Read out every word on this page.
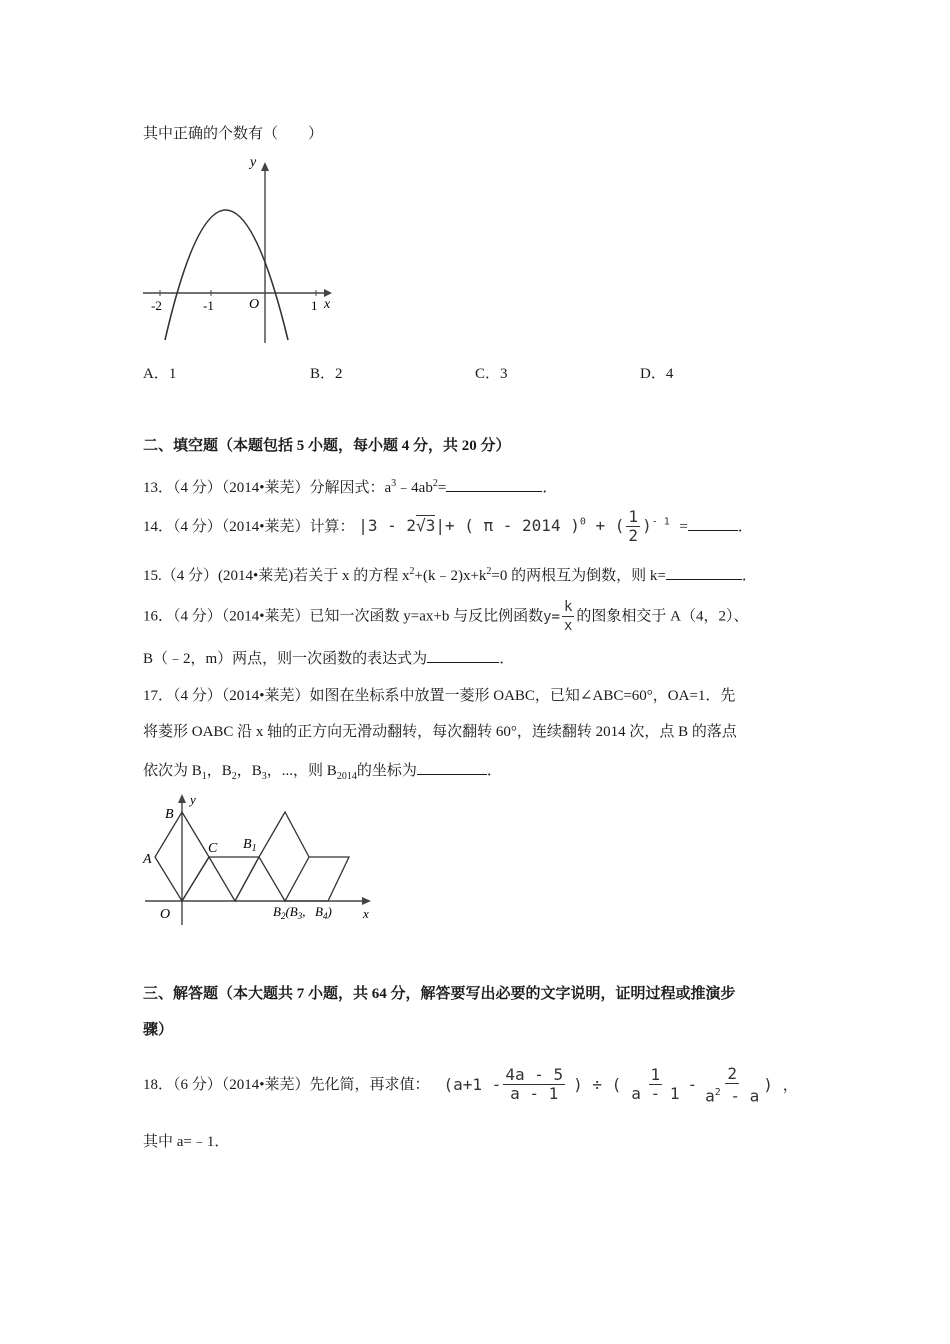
其中正确的个数有（　　）
y
x
O
-2	-1	1
A．1	B．2	C．3	D．4
二、填空题（本题包括 5 小题，每小题 4 分，共 20 分）
13．（4 分）（2014•莱芜）分解因式：$a^3﹣4ab^2=$	．
14．（4 分）（2014•莱芜）计算： |3 - 2√3|+ ( π - 2014 )$^0$ + ( $\frac{1}{2} )^{- 1}$ =	．
15.（4 分）(2014•莱芜)若关于 x 的方程 $x^2+(k﹣2)x+k^2=0$ 的两根互为倒数，则 k=	．
16．（4 分）（2014•莱芜）已知一次函数 y=ax+b 与反比例函数$y= \frac{k}{x}$ 的图象相交于 A（4，2）、
B（﹣2，m）两点，则一次函数的表达式为	．
17．（4 分）（2014•莱芜）如图在坐标系中放置一菱形 OABC，已知∠ABC=60°，OA=1．先
将菱形 OABC 沿 x 轴的正方向无滑动翻转，每次翻转 60°，连续翻转 2014 次，点 B 的落点
依次为 $B_1$，$B_2$，$B_3$，...，则 $B_{2014}$的坐标为	．
y
x
B
A
C
O
$B_1$
$B_2(B_3$, $B_4$)
三、解答题（本大题共 7 小题，共 64 分，解答要写出必要的文字说明，证明过程或推演步
骤）
18．（6 分）（2014•莱芜）先化简，再求值： ($a+1 - \frac{4a - 5}{a - 1}$ ) ÷ ( $\frac{1}{a - 1} - \frac{2}{a^2 - a}$ ) ，
其中 a=﹣1．
